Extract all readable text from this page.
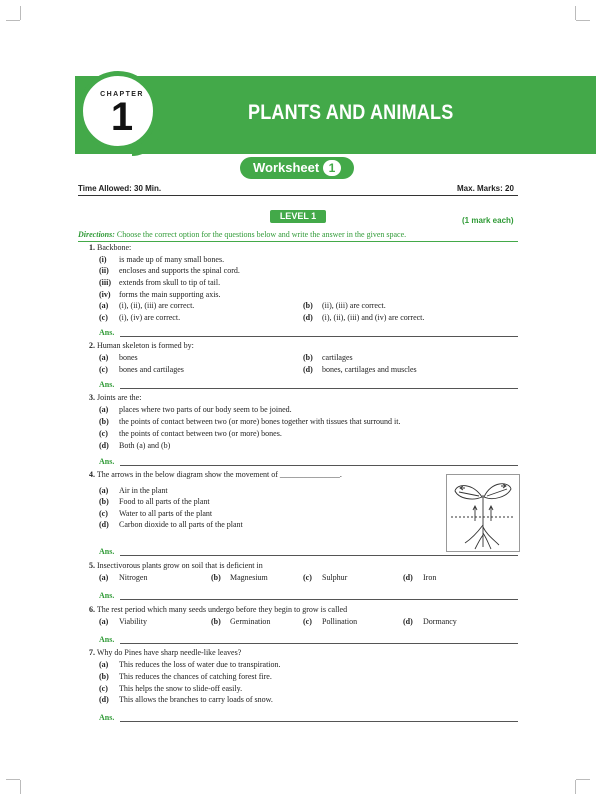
CHAPTER
1	PLANTS AND ANIMALS
Worksheet 1
Time Allowed: 30 Min.	Max. Marks: 20
LEVEL 1	(1 mark each)
Directions: Choose the correct option for the questions below and write the answer in the given space.
1. Backbone:
(i) is made up of many small bones.
(ii) encloses and supports the spinal cord.
(iii) extends from skull to tip of tail.
(iv) forms the main supporting axis.
(a) (i), (ii), (iii) are correct.	(b) (ii), (iii) are correct.
(c) (i), (iv) are correct.	(d) (i), (ii), (iii) and (iv) are correct.
Ans.
2. Human skeleton is formed by:
(a) bones	(b) cartilages
(c) bones and cartilages	(d) bones, cartilages and muscles
Ans.
3. Joints are the:
(a) places where two parts of our body seem to be joined.
(b) the points of contact between two (or more) bones together with tissues that surround it.
(c) the points of contact between two (or more) bones.
(d) Both (a) and (b)
Ans.
4. The arrows in the below diagram show the movement of _______________.
(a) Air in the plant
(b) Food to all parts of the plant
(c) Water to all parts of the plant
(d) Carbon dioxide to all parts of the plant
Ans.
5. Insectivorous plants grow on soil that is deficient in
(a) Nitrogen	(b) Magnesium	(c) Sulphur	(d) Iron
Ans.
6. The rest period which many seeds undergo before they begin to grow is called
(a) Viability	(b) Germination	(c) Pollination	(d) Dormancy
Ans.
7. Why do Pines have sharp needle-like leaves?
(a) This reduces the loss of water due to transpiration.
(b) This reduces the chances of catching forest fire.
(c) This helps the snow to slide-off easily.
(d) This allows the branches to carry loads of snow.
Ans.
